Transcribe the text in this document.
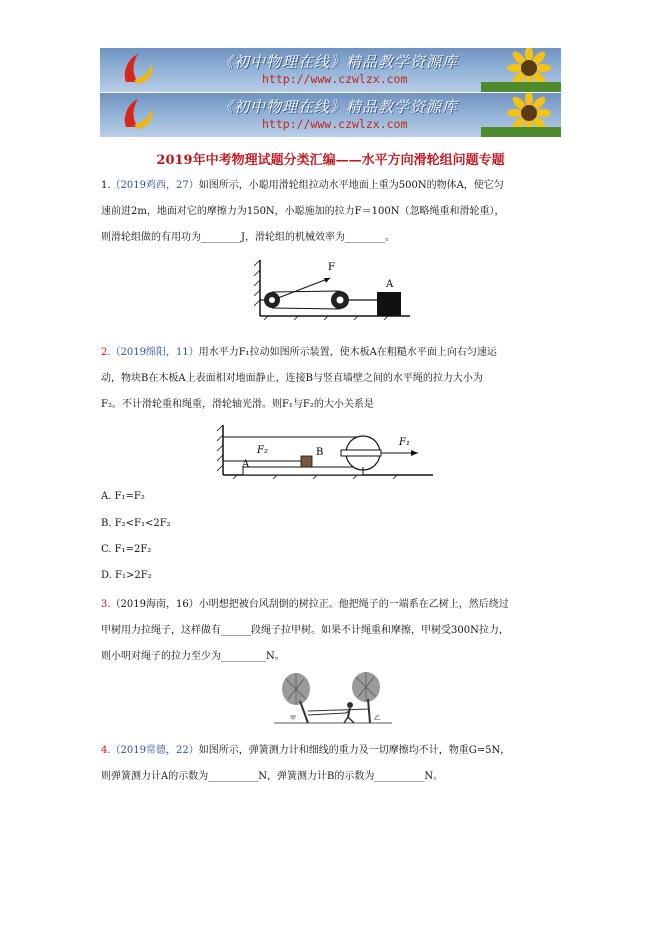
《初中物理在线》精品教学资源库
http://www.czwlzx.com
《初中物理在线》精品教学资源库
http://www.czwlzx.com
2019年中考物理试题分类汇编——水平方向滑轮组问题专题
1.（2019鸡西，27）如图所示，小聪用滑轮组拉动水平地面上重为500N的物体A，使它匀
速前进2m，地面对它的摩擦力为150N，小聪施加的拉力F＝100N（忽略绳重和滑轮重），
则滑轮组做的有用功为________J，滑轮组的机械效率为________。
F
A
2.（2019绵阳，11）用水平力F₁拉动如图所示装置，使木板A在粗糙水平面上向右匀速运
动，物块B在木板A上表面相对地面静止，连接B与竖直墙壁之间的水平绳的拉力大小为
F₂。不计滑轮重和绳重，滑轮轴光滑。则F₁与F₂的大小关系是
F₂
F₁
B
A
A. F₁=F₂
B. F₂<F₁<2F₂
C. F₁=2F₂
D. F₁>2F₂
3.（2019海南，16）小明想把被台风刮倒的树拉正。他把绳子的一端系在乙树上，然后绕过
甲树用力拉绳子，这样做有______段绳子拉甲树。如果不计绳重和摩擦，甲树受300N拉力，
则小明对绳子的拉力至少为_________N。
甲	乙
4.（2019常德，22）如图所示，弹簧测力计和细线的重力及一切摩擦均不计，物重G=5N，
则弹簧测力计A的示数为__________N，弹簧测力计B的示数为__________N。
